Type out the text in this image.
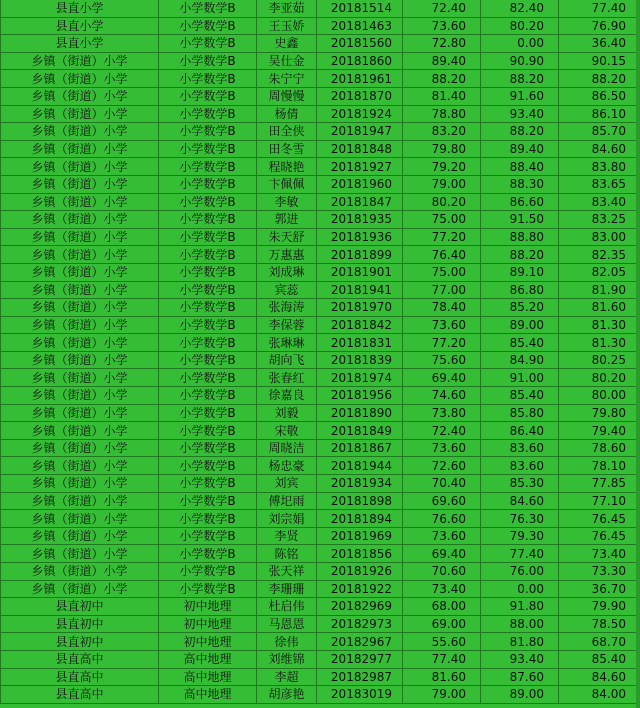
县直小学	小学数学B	李亚茹	20181514	72.40	82.40	77.40
县直小学	小学数学B	王玉娇	20181463	73.60	80.20	76.90
县直小学	小学数学B	史鑫	20181560	72.80	0.00	36.40
乡镇（街道）小学	小学数学B	吴仕金	20181860	89.40	90.90	90.15
乡镇（街道）小学	小学数学B	朱宁宁	20181961	88.20	88.20	88.20
乡镇（街道）小学	小学数学B	周慢慢	20181870	81.40	91.60	86.50
乡镇（街道）小学	小学数学B	杨倩	20181924	78.80	93.40	86.10
乡镇（街道）小学	小学数学B	田全侠	20181947	83.20	88.20	85.70
乡镇（街道）小学	小学数学B	田冬雪	20181848	79.80	89.40	84.60
乡镇（街道）小学	小学数学B	程晓艳	20181927	79.20	88.40	83.80
乡镇（街道）小学	小学数学B	卞佩佩	20181960	79.00	88.30	83.65
乡镇（街道）小学	小学数学B	李敏	20181847	80.20	86.60	83.40
乡镇（街道）小学	小学数学B	郭进	20181935	75.00	91.50	83.25
乡镇（街道）小学	小学数学B	朱天舒	20181936	77.20	88.80	83.00
乡镇（街道）小学	小学数学B	万惠惠	20181899	76.40	88.20	82.35
乡镇（街道）小学	小学数学B	刘成琳	20181901	75.00	89.10	82.05
乡镇（街道）小学	小学数学B	宾蕊	20181941	77.00	86.80	81.90
乡镇（街道）小学	小学数学B	张海涛	20181970	78.40	85.20	81.60
乡镇（街道）小学	小学数学B	李保蓉	20181842	73.60	89.00	81.30
乡镇（街道）小学	小学数学B	张琳琳	20181831	77.20	85.40	81.30
乡镇（街道）小学	小学数学B	胡向飞	20181839	75.60	84.90	80.25
乡镇（街道）小学	小学数学B	张春红	20181974	69.40	91.00	80.20
乡镇（街道）小学	小学数学B	徐嘉良	20181956	74.60	85.40	80.00
乡镇（街道）小学	小学数学B	刘毅	20181890	73.80	85.80	79.80
乡镇（街道）小学	小学数学B	宋敬	20181849	72.40	86.40	79.40
乡镇（街道）小学	小学数学B	周晓洁	20181867	73.60	83.60	78.60
乡镇（街道）小学	小学数学B	杨忠豪	20181944	72.60	83.60	78.10
乡镇（街道）小学	小学数学B	刘宾	20181934	70.40	85.30	77.85
乡镇（街道）小学	小学数学B	傅圯雨	20181898	69.60	84.60	77.10
乡镇（街道）小学	小学数学B	刘宗娟	20181894	76.60	76.30	76.45
乡镇（街道）小学	小学数学B	李贤	20181969	73.60	79.30	76.45
乡镇（街道）小学	小学数学B	陈铭	20181856	69.40	77.40	73.40
乡镇（街道）小学	小学数学B	张天祥	20181926	70.60	76.00	73.30
乡镇（街道）小学	小学数学B	李珊珊	20181922	73.40	0.00	36.70
县直初中	初中地理	杜启伟	20182969	68.00	91.80	79.90
县直初中	初中地理	马恩恩	20182973	69.00	88.00	78.50
县直初中	初中地理	徐伟	20182967	55.60	81.80	68.70
县直高中	高中地理	刘维锦	20182977	77.40	93.40	85.40
县直高中	高中地理	李超	20182987	81.60	87.60	84.60
县直高中	高中地理	胡彦艳	20183019	79.00	89.00	84.00
